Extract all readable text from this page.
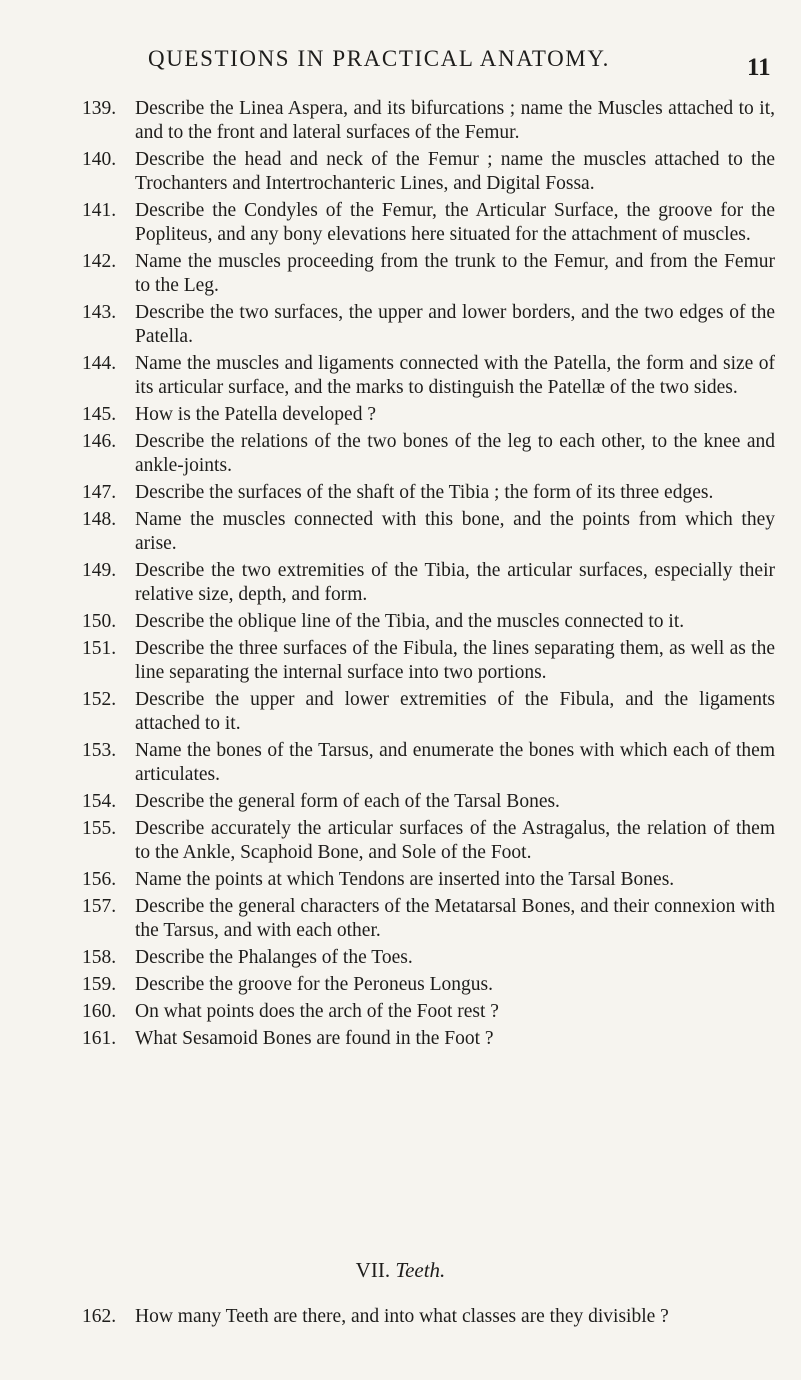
QUESTIONS IN PRACTICAL ANATOMY.	11
139. Describe the Linea Aspera, and its bifurcations ; name the Muscles attached to it, and to the front and lateral surfaces of the Femur.
140. Describe the head and neck of the Femur ; name the muscles attached to the Trochanters and Intertrochanteric Lines, and Digital Fossa.
141. Describe the Condyles of the Femur, the Articular Surface, the groove for the Popliteus, and any bony elevations here situated for the attachment of muscles.
142. Name the muscles proceeding from the trunk to the Femur, and from the Femur to the Leg.
143. Describe the two surfaces, the upper and lower borders, and the two edges of the Patella.
144. Name the muscles and ligaments connected with the Patella, the form and size of its articular surface, and the marks to distinguish the Patellæ of the two sides.
145. How is the Patella developed ?
146. Describe the relations of the two bones of the leg to each other, to the knee and ankle-joints.
147. Describe the surfaces of the shaft of the Tibia ; the form of its three edges.
148. Name the muscles connected with this bone, and the points from which they arise.
149. Describe the two extremities of the Tibia, the articular surfaces, especially their relative size, depth, and form.
150. Describe the oblique line of the Tibia, and the muscles connected to it.
151. Describe the three surfaces of the Fibula, the lines separating them, as well as the line separating the internal surface into two portions.
152. Describe the upper and lower extremities of the Fibula, and the ligaments attached to it.
153. Name the bones of the Tarsus, and enumerate the bones with which each of them articulates.
154. Describe the general form of each of the Tarsal Bones.
155. Describe accurately the articular surfaces of the Astragalus, the relation of them to the Ankle, Scaphoid Bone, and Sole of the Foot.
156. Name the points at which Tendons are inserted into the Tarsal Bones.
157. Describe the general characters of the Metatarsal Bones, and their connexion with the Tarsus, and with each other.
158. Describe the Phalanges of the Toes.
159. Describe the groove for the Peroneus Longus.
160. On what points does the arch of the Foot rest ?
161. What Sesamoid Bones are found in the Foot ?
VII. Teeth.
162. How many Teeth are there, and into what classes are they divisible ?
